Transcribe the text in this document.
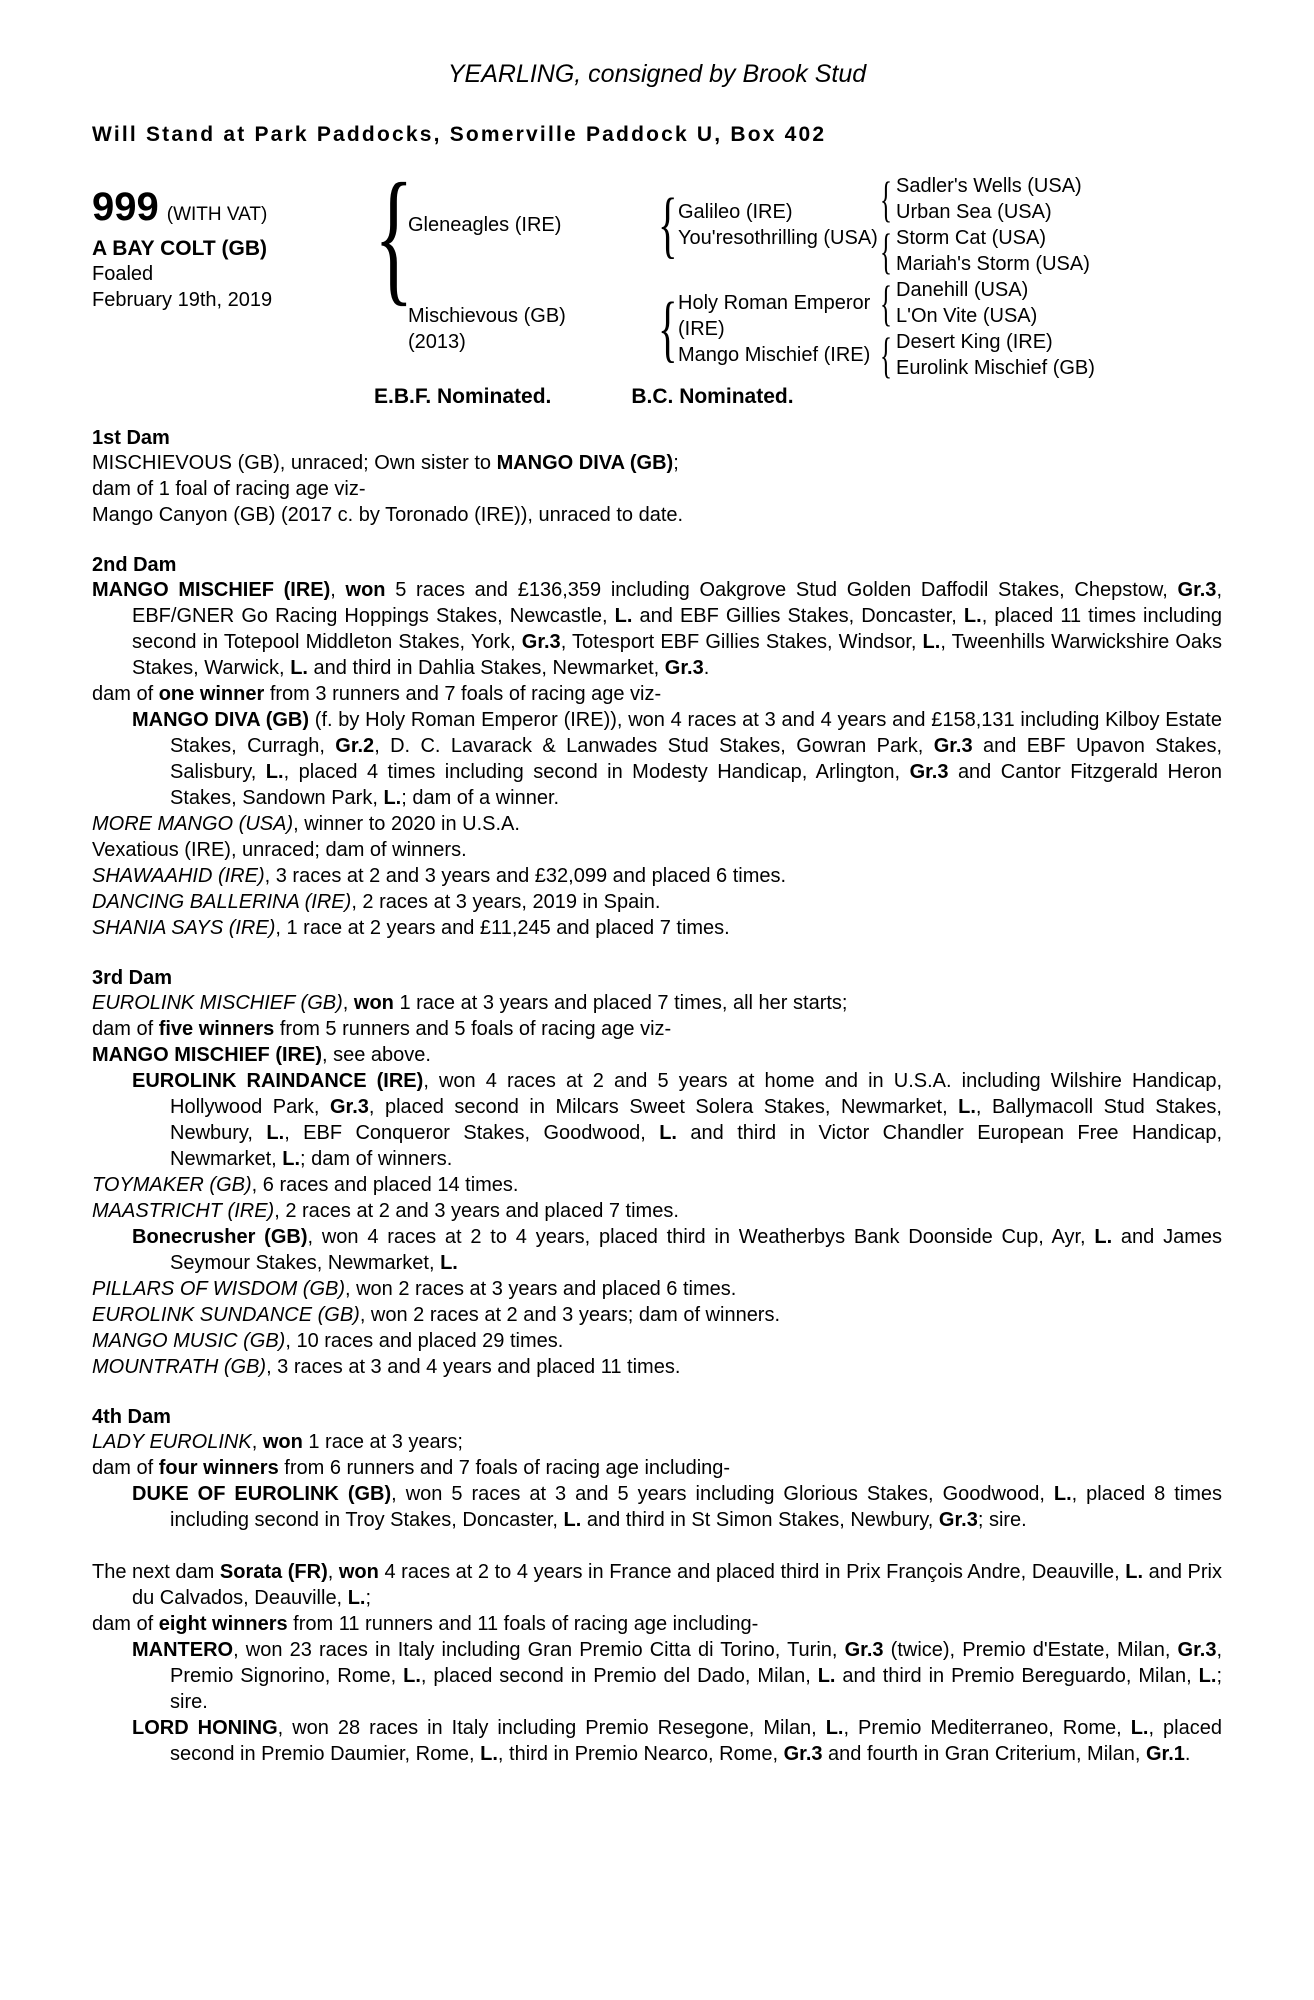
YEARLING, consigned by Brook Stud
Will Stand at Park Paddocks, Somerville Paddock U, Box 402
999 (WITH VAT)
A BAY COLT (GB)
Foaled
February 19th, 2019 {
Gleneagles (IRE)
Mischievous (GB)
(2013)
{ Galileo (IRE)
You'resothrilling (USA)
{ Holy Roman Emperor (IRE)
Mango Mischief (IRE)
{ Sadler's Wells (USA)
Urban Sea (USA)
{ Storm Cat (USA)
Mariah's Storm (USA)
{ Danehill (USA)
L'On Vite (USA)
{ Desert King (IRE)
Eurolink Mischief (GB)
E.B.F. Nominated.	B.C. Nominated.
1st Dam

MISCHIEVOUS (GB), unraced; Own sister to MANGO DIVA (GB);

dam of 1 foal of racing age viz-

Mango Canyon (GB) (2017 c. by Toronado (IRE)), unraced to date.

2nd Dam

MANGO MISCHIEF (IRE), won 5 races and £136,359 including Oakgrove Stud Golden Daffodil Stakes, Chepstow, Gr.3, EBF/GNER Go Racing Hoppings Stakes, Newcastle, L. and EBF Gillies Stakes, Doncaster, L., placed 11 times including second in Totepool Middleton Stakes, York, Gr.3, Totesport EBF Gillies Stakes, Windsor, L., Tweenhills Warwickshire Oaks Stakes, Warwick, L. and third in Dahlia Stakes, Newmarket, Gr.3.

dam of one winner from 3 runners and 7 foals of racing age viz-

MANGO DIVA (GB) (f. by Holy Roman Emperor (IRE)), won 4 races at 3 and 4 years and £158,131 including Kilboy Estate Stakes, Curragh, Gr.2, D. C. Lavarack & Lanwades Stud Stakes, Gowran Park, Gr.3 and EBF Upavon Stakes, Salisbury, L., placed 4 times including second in Modesty Handicap, Arlington, Gr.3 and Cantor Fitzgerald Heron Stakes, Sandown Park, L.; dam of a winner.

MORE MANGO (USA), winner to 2020 in U.S.A.

Vexatious (IRE), unraced; dam of winners.

SHAWAAHID (IRE), 3 races at 2 and 3 years and £32,099 and placed 6 times.

DANCING BALLERINA (IRE), 2 races at 3 years, 2019 in Spain.

SHANIA SAYS (IRE), 1 race at 2 years and £11,245 and placed 7 times.

3rd Dam

EUROLINK MISCHIEF (GB), won 1 race at 3 years and placed 7 times, all her starts;

dam of five winners from 5 runners and 5 foals of racing age viz-

MANGO MISCHIEF (IRE), see above.

EUROLINK RAINDANCE (IRE), won 4 races at 2 and 5 years at home and in U.S.A. including Wilshire Handicap, Hollywood Park, Gr.3, placed second in Milcars Sweet Solera Stakes, Newmarket, L., Ballymacoll Stud Stakes, Newbury, L., EBF Conqueror Stakes, Goodwood, L. and third in Victor Chandler European Free Handicap, Newmarket, L.; dam of winners.

TOYMAKER (GB), 6 races and placed 14 times.

MAASTRICHT (IRE), 2 races at 2 and 3 years and placed 7 times.

Bonecrusher (GB), won 4 races at 2 to 4 years, placed third in Weatherbys Bank Doonside Cup, Ayr, L. and James Seymour Stakes, Newmarket, L.

PILLARS OF WISDOM (GB), won 2 races at 3 years and placed 6 times.

EUROLINK SUNDANCE (GB), won 2 races at 2 and 3 years; dam of winners.

MANGO MUSIC (GB), 10 races and placed 29 times.

MOUNTRATH (GB), 3 races at 3 and 4 years and placed 11 times.

4th Dam

LADY EUROLINK, won 1 race at 3 years;

dam of four winners from 6 runners and 7 foals of racing age including-

DUKE OF EUROLINK (GB), won 5 races at 3 and 5 years including Glorious Stakes, Goodwood, L., placed 8 times including second in Troy Stakes, Doncaster, L. and third in St Simon Stakes, Newbury, Gr.3; sire.

The next dam Sorata (FR), won 4 races at 2 to 4 years in France and placed third in Prix François Andre, Deauville, L. and Prix du Calvados, Deauville, L.;

dam of eight winners from 11 runners and 11 foals of racing age including-

MANTERO, won 23 races in Italy including Gran Premio Citta di Torino, Turin, Gr.3 (twice), Premio d'Estate, Milan, Gr.3, Premio Signorino, Rome, L., placed second in Premio del Dado, Milan, L. and third in Premio Bereguardo, Milan, L.; sire.

LORD HONING, won 28 races in Italy including Premio Resegone, Milan, L., Premio Mediterraneo, Rome, L., placed second in Premio Daumier, Rome, L., third in Premio Nearco, Rome, Gr.3 and fourth in Gran Criterium, Milan, Gr.1.
